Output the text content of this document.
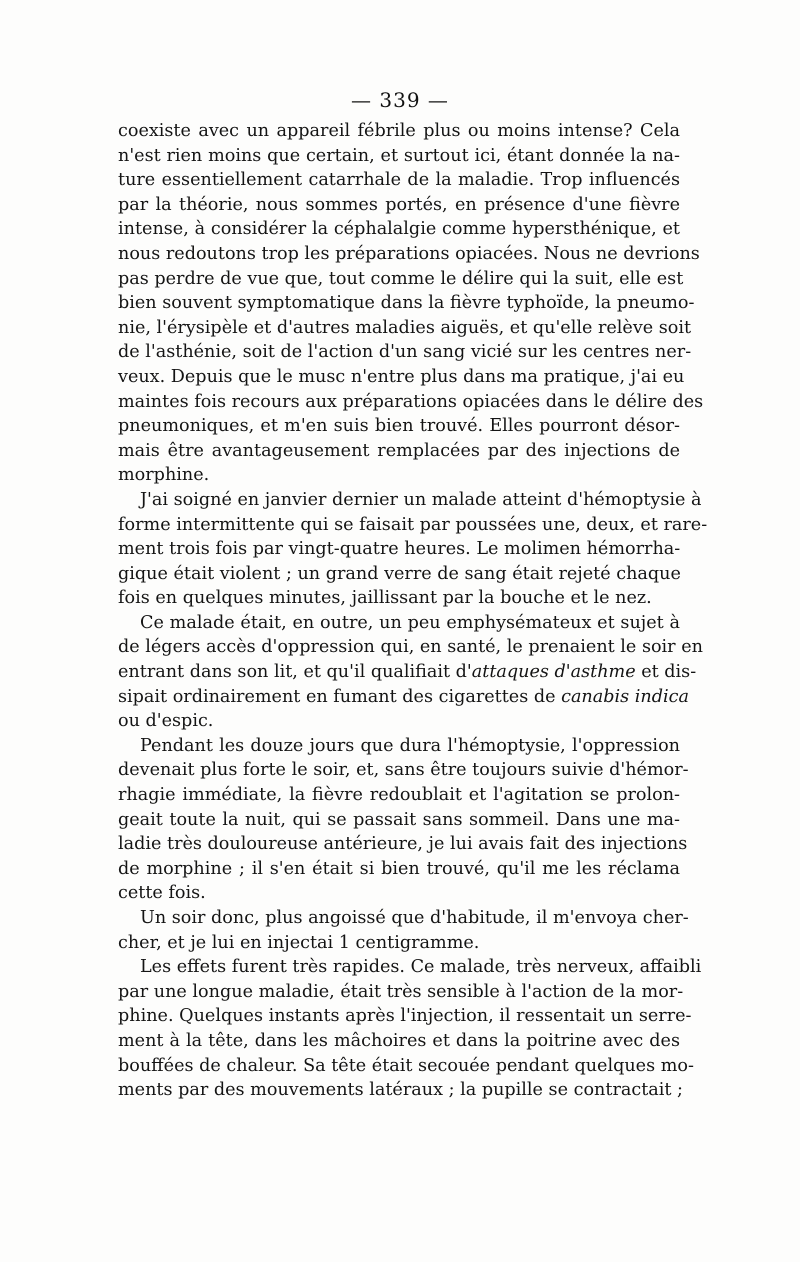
— 339 —
coexiste avec un appareil fébrile plus ou moins intense? Cela
n'est rien moins que certain, et surtout ici, étant donnée la na-
ture essentiellement catarrhale de la maladie. Trop influencés
par la théorie, nous sommes portés, en présence d'une fièvre
intense, à considérer la céphalalgie comme hypersthénique, et
nous redoutons trop les préparations opiacées. Nous ne devrions
pas perdre de vue que, tout comme le délire qui la suit, elle est
bien souvent symptomatique dans la fièvre typhoïde, la pneumo-
nie, l'érysipèle et d'autres maladies aiguës, et qu'elle relève soit
de l'asthénie, soit de l'action d'un sang vicié sur les centres ner-
veux. Depuis que le musc n'entre plus dans ma pratique, j'ai eu
maintes fois recours aux préparations opiacées dans le délire des
pneumoniques, et m'en suis bien trouvé. Elles pourront désor-
mais être avantageusement remplacées par des injections de
morphine.
J'ai soigné en janvier dernier un malade atteint d'hémoptysie à
forme intermittente qui se faisait par poussées une, deux, et rare-
ment trois fois par vingt-quatre heures. Le molimen hémorrha-
gique était violent ; un grand verre de sang était rejeté chaque
fois en quelques minutes, jaillissant par la bouche et le nez.
Ce malade était, en outre, un peu emphysémateux et sujet à
de légers accès d'oppression qui, en santé, le prenaient le soir en
entrant dans son lit, et qu'il qualifiait d'attaques d'asthme et dis-
sipait ordinairement en fumant des cigarettes de canabis indica
ou d'espic.
Pendant les douze jours que dura l'hémoptysie, l'oppression
devenait plus forte le soir, et, sans être toujours suivie d'hémor-
rhagie immédiate, la fièvre redoublait et l'agitation se prolon-
geait toute la nuit, qui se passait sans sommeil. Dans une ma-
ladie très douloureuse antérieure, je lui avais fait des injections
de morphine ; il s'en était si bien trouvé, qu'il me les réclama
cette fois.
Un soir donc, plus angoissé que d'habitude, il m'envoya cher-
cher, et je lui en injectai 1 centigramme.
Les effets furent très rapides. Ce malade, très nerveux, affaibli
par une longue maladie, était très sensible à l'action de la mor-
phine. Quelques instants après l'injection, il ressentait un serre-
ment à la tête, dans les mâchoires et dans la poitrine avec des
bouffées de chaleur. Sa tête était secouée pendant quelques mo-
ments par des mouvements latéraux ; la pupille se contractait ;
